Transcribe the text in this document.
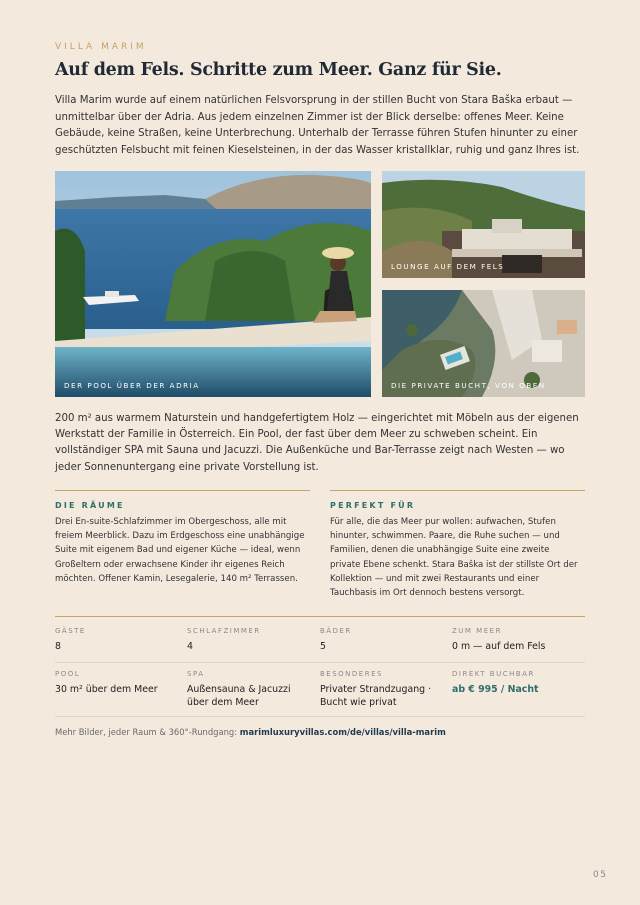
VILLA MARIM
Auf dem Fels. Schritte zum Meer. Ganz für Sie.
Villa Marim wurde auf einem natürlichen Felsvorsprung in der stillen Bucht von Stara Baška erbaut — unmittelbar über der Adria. Aus jedem einzelnen Zimmer ist der Blick derselbe: offenes Meer. Keine Gebäude, keine Straßen, keine Unterbrechung. Unterhalb der Terrasse führen Stufen hinunter zu einer geschützten Felsbucht mit feinen Kieselsteinen, in der das Wasser kristallklar, ruhig und ganz Ihres ist.
DER POOL ÜBER DER ADRIA
LOUNGE AUF DEM FELS
DIE PRIVATE BUCHT, VON OBEN
200 m² aus warmem Naturstein und handgefertigtem Holz — eingerichtet mit Möbeln aus der eigenen Werkstatt der Familie in Österreich. Ein Pool, der fast über dem Meer zu schweben scheint. Ein vollständiger SPA mit Sauna und Jacuzzi. Die Außenküche und Bar-Terrasse zeigt nach Westen — wo jeder Sonnenuntergang eine private Vorstellung ist.
DIE RÄUME	PERFEKT FÜR
Drei En-suite-Schlafzimmer im Obergeschoss, alle mit freiem Meerblick. Dazu im Erdgeschoss eine unabhängige Suite mit eigenem Bad und eigener Küche — ideal, wenn Großeltern oder erwachsene Kinder ihr eigenes Reich möchten. Offener Kamin, Lesegalerie, 140 m² Terrassen.
Für alle, die das Meer pur wollen: aufwachen, Stufen hinunter, schwimmen. Paare, die Ruhe suchen — und Familien, denen die unabhängige Suite eine zweite private Ebene schenkt. Stara Baška ist der stillste Ort der Kollektion — und mit zwei Restaurants und einer Tauchbasis im Ort dennoch bestens versorgt.
GÄSTE
8
SCHLAFZIMMER
4
BÄDER
5
ZUM MEER
0 m — auf dem Fels
POOL
30 m² über dem Meer
SPA
Außensauna & Jacuzzi über dem Meer
BESONDERES
Privater Strandzugang · Bucht wie privat
DIREKT BUCHBAR
ab € 995 / Nacht
Mehr Bilder, jeder Raum & 360°-Rundgang: marimluxuryvillas.com/de/villas/villa-marim
05
